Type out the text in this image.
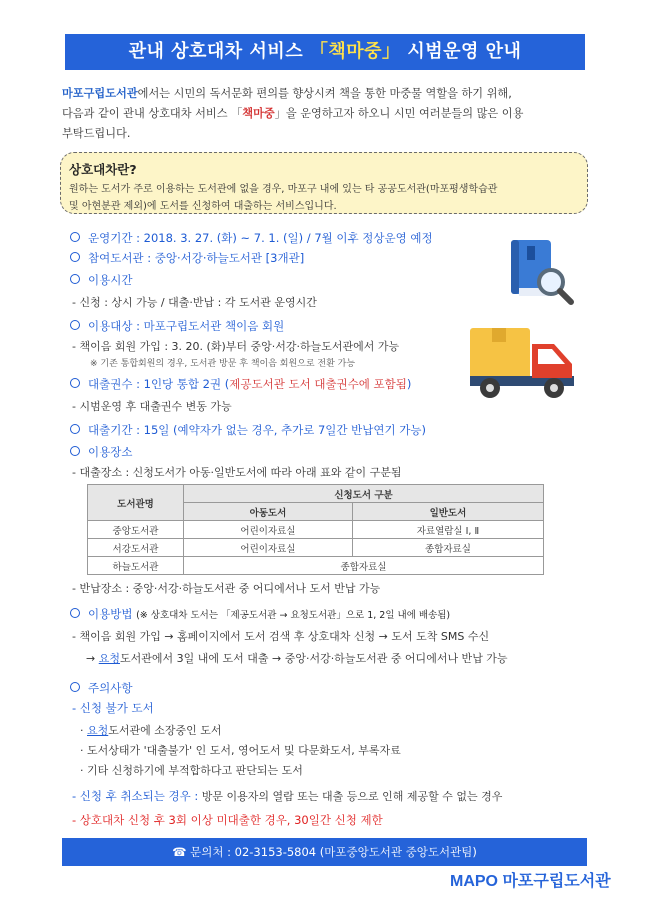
관내 상호대차 서비스 「책마중」 시범운영 안내
마포구립도서관에서는 시민의 독서문화 편의를 향상시켜 책을 통한 마중물 역할을 하기 위해,
다음과 같이 관내 상호대차 서비스 「책마중」을 운영하고자 하오니 시민 여러분들의 많은 이용
부탁드립니다.
상호대차란?
원하는 도서가 주로 이용하는 도서관에 없을 경우, 마포구 내에 있는 타 공공도서관(마포평생학습관
및 아현분관 제외)에 도서를 신청하여 대출하는 서비스입니다.
운영기간 : 2018. 3. 27. (화) ~ 7. 1. (일) / 7월 이후 정상운영 예정
참여도서관 : 중앙·서강·하늘도서관 [3개관]
이용시간
- 신청 : 상시 가능 / 대출·반납 : 각 도서관 운영시간
이용대상 : 마포구립도서관 책이음 회원
- 책이음 회원 가입 : 3. 20. (화)부터 중앙·서강·하늘도서관에서 가능
※ 기존 통합회원의 경우, 도서관 방문 후 책이음 회원으로 전환 가능
대출권수 : 1인당 통합 2권 (제공도서관 도서 대출권수에 포함됨)
- 시범운영 후 대출권수 변동 가능
대출기간 : 15일 (예약자가 없는 경우, 추가로 7일간 반납연기 가능)
이용장소
- 대출장소 : 신청도서가 아동·일반도서에 따라 아래 표와 같이 구분됨
도서관명	신청도서 구분	
	아동도서	일반도서
중앙도서관	어린이자료실	자료열람실 Ⅰ, Ⅱ
서강도서관	어린이자료실	종합자료실
하늘도서관	종합자료실	
- 반납장소 : 중앙·서강·하늘도서관 중 어디에서나 도서 반납 가능
이용방법 (※ 상호대차 도서는 「제공도서관 → 요청도서관」으로 1, 2일 내에 배송됨)
- 책이음 회원 가입 → 홈페이지에서 도서 검색 후 상호대차 신청 → 도서 도착 SMS 수신
→ 요청도서관에서 3일 내에 도서 대출 → 중앙·서강·하늘도서관 중 어디에서나 반납 가능
주의사항
- 신청 불가 도서
· 요청도서관에 소장중인 도서
· 도서상태가 '대출불가' 인 도서, 영어도서 및 다문화도서, 부록자료
· 기타 신청하기에 부적합하다고 판단되는 도서
- 신청 후 취소되는 경우 : 방문 이용자의 열람 또는 대출 등으로 인해 제공할 수 없는 경우
- 상호대차 신청 후 3회 이상 미대출한 경우, 30일간 신청 제한
☎ 문의처 : 02-3153-5804 (마포중앙도서관 중앙도서관팀)
MAPO 마포구립도서관
